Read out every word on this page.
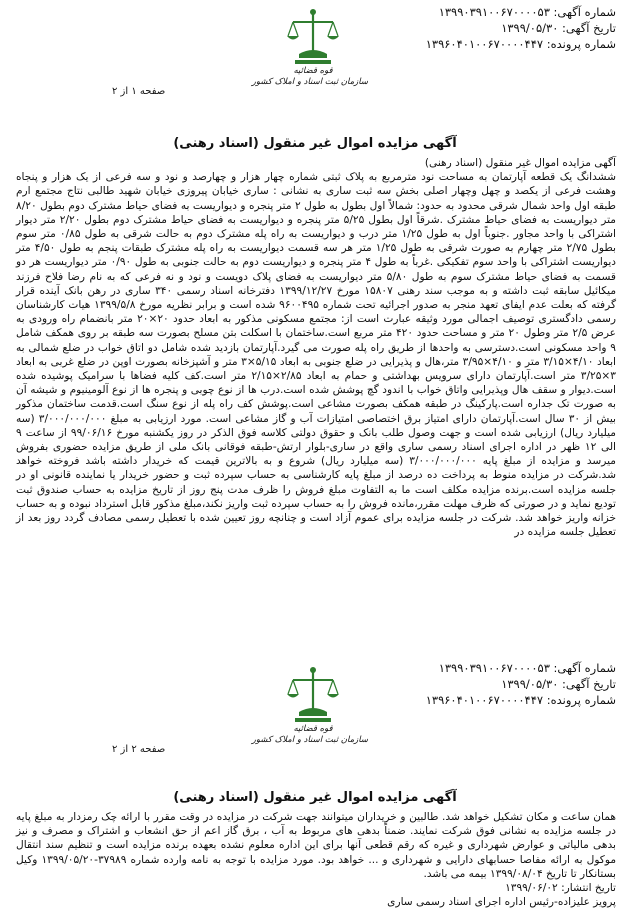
شماره آگهی: ۱۳۹۹۰۳۹۱۰۰۶۷۰۰۰۰۵۳
تاریخ آگهی: ۱۳۹۹/۰۵/۳۰
شماره پرونده: ۱۳۹۶۰۴۰۱۰۰۶۷۰۰۰۰۴۴۷
قوه قضائیه
سازمان ثبت اسناد و املاک کشور
صفحه ۱ از ۲
آگهی مزایده اموال غیر منقول (اسناد رهنی)

آگهی مزایده اموال غیر منقول (اسناد رهنی)

ششدانگ یک قطعه آپارتمان به مساحت نود مترمربع به پلاک ثبتی شماره چهار هزار و چهارصد و نود و سه فرعی از یک هزار و پنجاه وهشت فرعی از یکصد و چهل وچهار اصلی بخش سه ثبت ساری به نشانی : ساری خیابان پیروزی خیابان شهید طالبی نتاج مجتمع ارم طبقه اول واحد شمال شرقی محدود به حدود: شمالاً اول بطول به طول ۲ متر پنجره و دیواریست به فضای حیاط مشترک دوم بطول ۸/۲۰ متر دیواریست به فضای حیاط مشترک .شرقاً اول بطول ۵/۲۵ متر پنجره و دیواریست به فضای حیاط مشترک دوم بطول ۲/۲۰ متر دیوار اشتراکی با واحد مجاور .جنوباً اول به طول ۱/۲۵ متر درب و دیواریست به راه پله مشترک دوم به حالت شرقی به طول ۰/۸۵ متر سوم بطول ۲/۷۵ متر چهارم به صورت شرقی به طول ۱/۲۵ متر هر سه قسمت دیواریست به راه پله مشترک طبقات پنجم به طول ۴/۵۰ متر دیواریست اشتراکی با واحد سوم تفکیکی .غرباً به طول ۴ متر پنجره و دیواریست دوم به حالت جنوبی به طول ۰/۹۰ متر دیواریست هر دو قسمت به فضای حیاط مشترک سوم به طول ۵/۸۰ متر دیواریست به فضای پلاک دویست و نود و نه فرعی که به نام رضا فلاح فرزند میکائیل سابقه ثبت داشته و به موجب سند رهنی ۱۵۸۰۷ مورخ ۱۳۹۹/۱۲/۲۷ دفترخانه اسناد رسمی ۳۴۰ ساری در رهن بانک آینده قرار گرفته که بعلت عدم ایفای تعهد منجر به صدور اجرائیه تحت شماره ۹۶۰۰۴۹۵ شده است و برابر نظریه مورخ ۱۳۹۹/۵/۸ هیات کارشناسان رسمی دادگستری توصیف اجمالی مورد وثیقه عبارت است از: مجتمع مسکونی مذکور به ابعاد حدود ۲۰×۲۰ متر بانضمام راه ورودی به عرض ۲/۵ متر وطول ۲۰ متر و مساحت حدود ۴۲۰ متر مربع است.ساختمان با اسکلت بتن مسلح بصورت سه طبقه بر روی همکف شامل ۹ واحد مسکونی است.دسترسی به واحدها از طریق راه پله صورت می گیرد.آپارتمان بازدید شده شامل دو اتاق خواب در ضلع شمالی به ابعاد ۴/۱۰×۳/۱۵ متر و ۴/۱۰×۳/۹۵ متر،هال و پذیرایی در ضلع جنوبی به ابعاد ۵/۱۵×۳ متر و آشپزخانه بصورت اوپن در ضلع غربی به ابعاد ۳×۳/۲۵ متر است.آپارتمان دارای سرویس بهداشتی و حمام به ابعاد ۲/۸۵×۲/۱۵ متر است.کف کلیه فضاها با سرامیک پوشیده شده است.دیوار و سقف هال وپذیرایی واتاق خواب با اندود گچ پوشش شده است.درب ها از نوع چوبی و پنجره ها از نوع آلومینیوم و شیشه آن به صورت تک جداره است.پارکینگ در طبقه همکف بصورت مشاعی است.پوشش کف راه پله از نوع سنگ است.قدمت ساختمان مذکور بیش از ۳۰ سال است.آپارتمان دارای امتیاز برق اختصاصی امتیازات آب و گاز مشاعی است. مورد ارزیابی به مبلغ ۳/۰۰۰/۰۰۰/۰۰۰ (سه میلیارد ریال) ارزیابی شده است و جهت وصول طلب بانک و حقوق دولتی کلاسه فوق الذکر در روز یکشنبه مورخ ۹۹/۰۶/۱۶ از ساعت ۹ الی ۱۲ ظهر در اداره اجرای اسناد رسمی ساری واقع در ساری-بلوار ارتش-طبقه فوقانی بانک ملی از طریق مزایده حضوری بفروش میرسد و مزایده از مبلغ پایه ۳/۰۰۰/۰۰۰/۰۰۰ (سه میلیارد ریال) شروع و به بالاترین قیمت که خریدار داشته باشد فروخته خواهد شد.شرکت در مزایده منوط به پرداخت ده درصد از مبلغ پایه کارشناسی به حساب سپرده ثبت و حضور خریدار یا نماینده قانونی او در جلسه مزایده است.برنده مزایده مکلف است ما به التفاوت مبلغ فروش را ظرف مدت پنج روز از تاریخ مزایده به حساب صندوق ثبت تودیع نماید و در صورتی که ظرف مهلت مقرر،مانده فروش را به حساب سپرده ثبت واریز نکند،مبلغ مذکور قابل استرداد نبوده و به حساب خزانه واریز خواهد شد. شرکت در جلسه مزایده برای عموم آزاد است و چنانچه روز تعیین شده با تعطیل رسمی مصادف گردد روز بعد از تعطیل جلسه مزایده در

شماره آگهی: ۱۳۹۹۰۳۹۱۰۰۶۷۰۰۰۰۵۳
تاریخ آگهی: ۱۳۹۹/۰۵/۳۰
شماره پرونده: ۱۳۹۶۰۴۰۱۰۰۶۷۰۰۰۰۴۴۷
قوه قضائیه
سازمان ثبت اسناد و املاک کشور
صفحه ۲ از ۲
آگهی مزایده اموال غیر منقول (اسناد رهنی)

همان ساعت و مکان تشکیل خواهد شد. طالبین و خریداران میتوانند جهت شرکت در مزایده در وقت مقرر با ارائه چک رمزدار به مبلغ پایه در جلسه مزایده به نشانی فوق شرکت نمایند. ضمناً بدهی های مربوط به آب ، برق گاز اعم از حق انشعاب و اشتراک و مصرف و نیز بدهی مالیاتی و عوارض شهرداری و غیره که رقم قطعی آنها برای این اداره معلوم نشده بعهده برنده مزایده است و تنظیم سند انتقال موکول به ارائه مفاصا حسابهای دارایی و شهرداری و ... خواهد بود. مورد مزایده با توجه به نامه وارده شماره ۳۷۹۸۹-۱۳۹۹/۰۵/۲۰ وکیل بستانکار تا تاریخ ۱۳۹۹/۰۸/۰۴ بیمه می باشد.

تاریخ انتشار: ۱۳۹۹/۰۶/۰۲
پرویز علیزاده-رئیس اداره اجرای اسناد رسمی ساری
